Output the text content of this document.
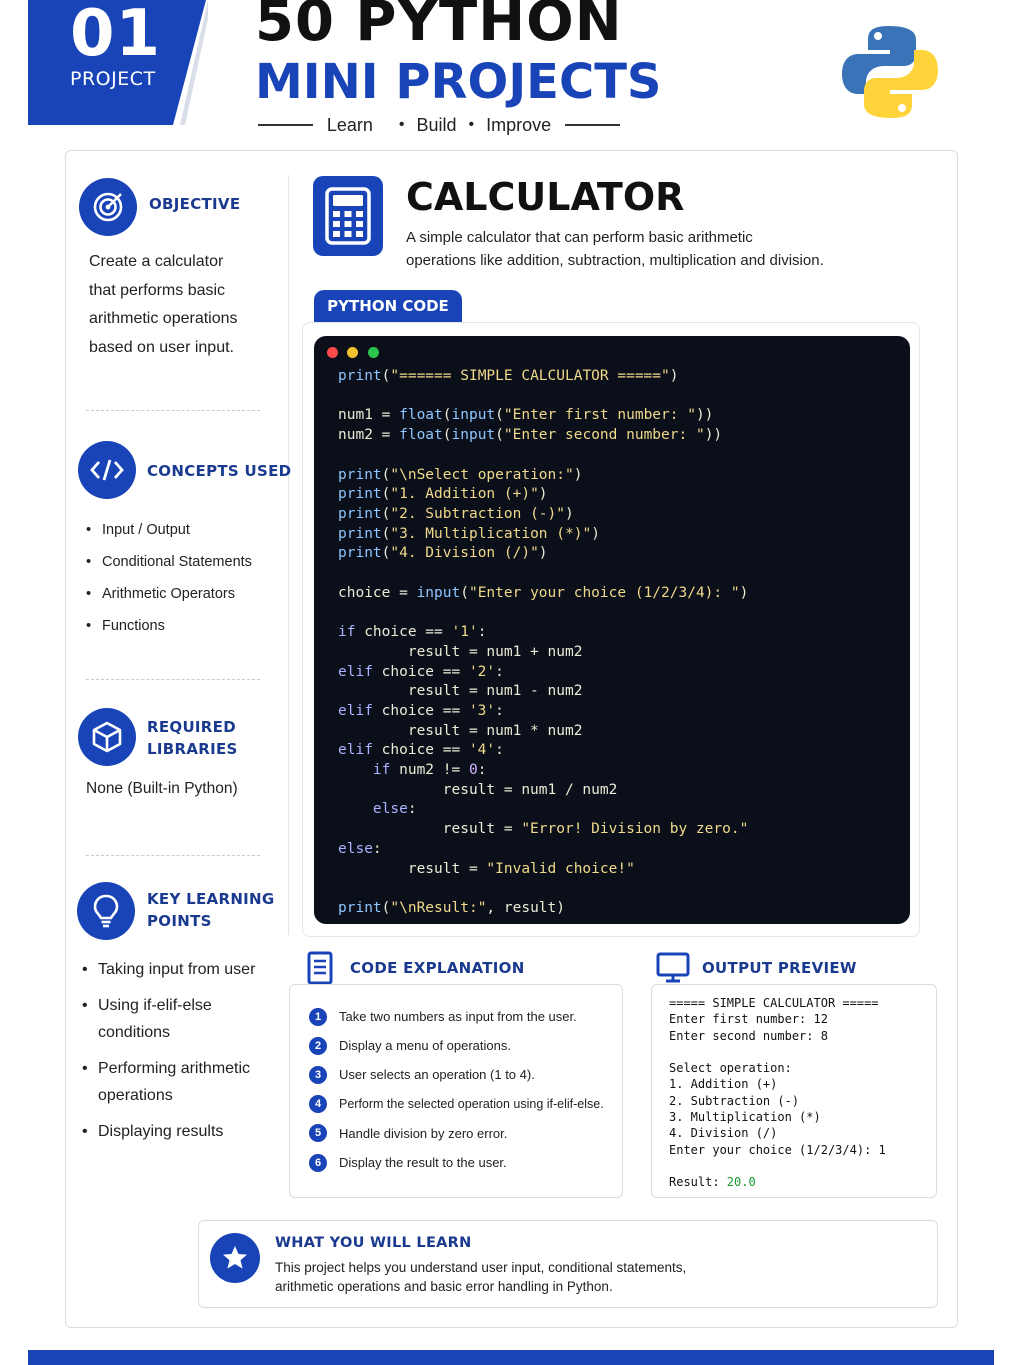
01
PROJECT
50 PYTHON
MINI PROJECTS
Learn • Build • Improve
OBJECTIVE
Create a calculator
that performs basic
arithmetic operations
based on user input.
CONCEPTS USED
• Input / Output
• Conditional Statements
• Arithmetic Operators
• Functions
REQUIRED
LIBRARIES
None (Built-in Python)
KEY LEARNING
POINTS
• Taking input from user
• Using if-elif-else
conditions
• Performing arithmetic
operations
• Displaying results
CALCULATOR
A simple calculator that can perform basic arithmetic
operations like addition, subtraction, multiplication and division.
PYTHON CODE
print("====== SIMPLE CALCULATOR =====")

num1 = float(input("Enter first number: "))
num2 = float(input("Enter second number: "))

print("\nSelect operation:")
print("1. Addition (+)")
print("2. Subtraction (-)")
print("3. Multiplication (*)")
print("4. Division (/)")

choice = input("Enter your choice (1/2/3/4): ")

if choice == '1':
result = num1 + num2
elif choice == '2':
result = num1 - num2
elif choice == '3':
result = num1 * num2
elif choice == '4':
if num2 != 0:
result = num1 / num2
else:
result = "Error! Division by zero."
else:
result = "Invalid choice!"

print("\nResult:", result)
CODE EXPLANATION
1	Take two numbers as input from the user.
2	Display a menu of operations.
3	User selects an operation (1 to 4).
4	Perform the selected operation using if-elif-else.
5	Handle division by zero error.
6	Display the result to the user.
OUTPUT PREVIEW
===== SIMPLE CALCULATOR =====
Enter first number: 12
Enter second number: 8

Select operation:
1. Addition (+)
2. Subtraction (-)
3. Multiplication (*)
4. Division (/)
Enter your choice (1/2/3/4): 1
Result: 20.0
WHAT YOU WILL LEARN
This project helps you understand user input, conditional statements,
arithmetic operations and basic error handling in Python.
